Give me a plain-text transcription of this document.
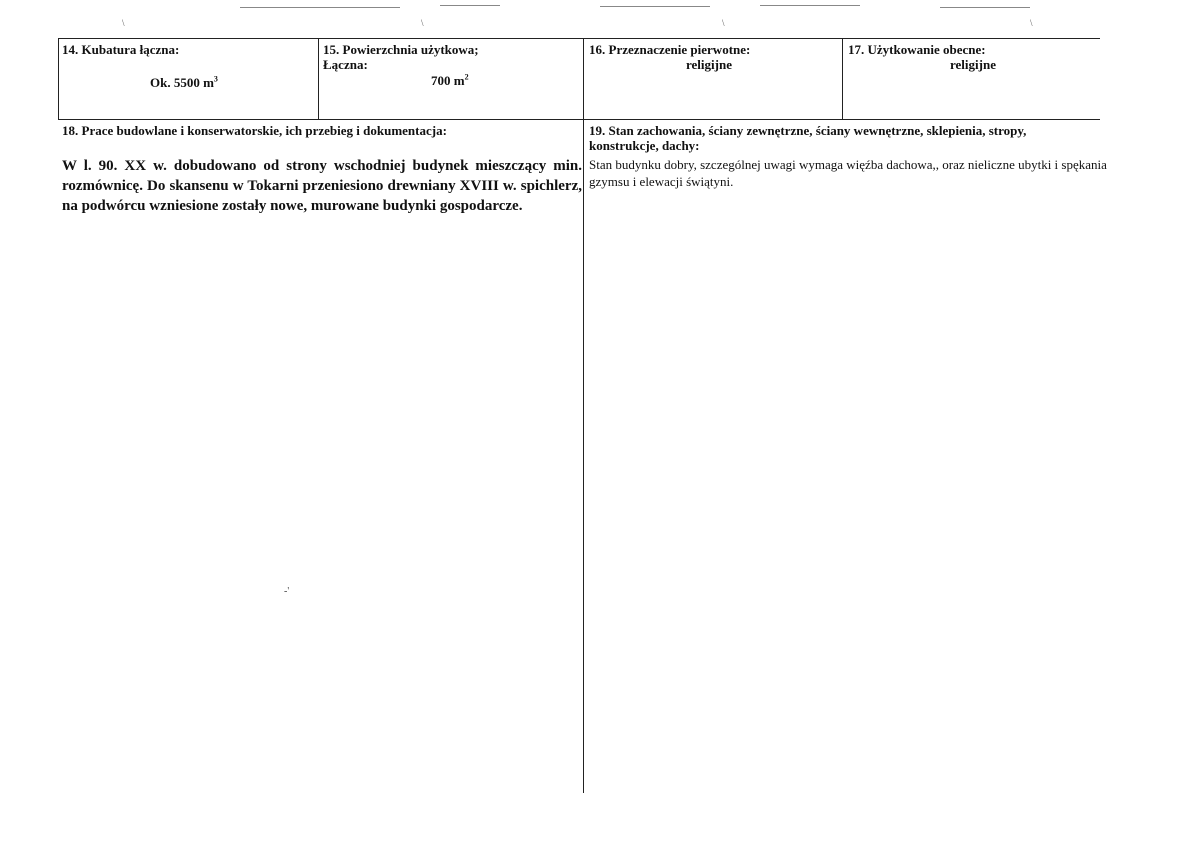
\	\	\	\
14. Kubatura łączna:
Ok. 5500 $m^3$
15. Powierzchnia użytkowa;
Łączna:
700 $m^2$
16. Przeznaczenie pierwotne:
religijne
17. Użytkowanie obecne:
religijne
18. Prace budowlane i konserwatorskie, ich przebieg i dokumentacja:
W l. 90. XX w. dobudowano od strony wschodniej budynek mieszczący min. rozmównicę. Do skansenu w Tokarni przeniesiono drewniany XVIII w. spichlerz, na podwórcu wzniesione zostały nowe, murowane budynki gospodarcze.
19. Stan zachowania, ściany zewnętrzne, ściany wewnętrzne, sklepienia, stropy,
konstrukcje, dachy:
Stan budynku dobry, szczególnej uwagi wymaga więźba dachowa,, oraz nieliczne ubytki i spękania gzymsu i elewacji świątyni.
-'
